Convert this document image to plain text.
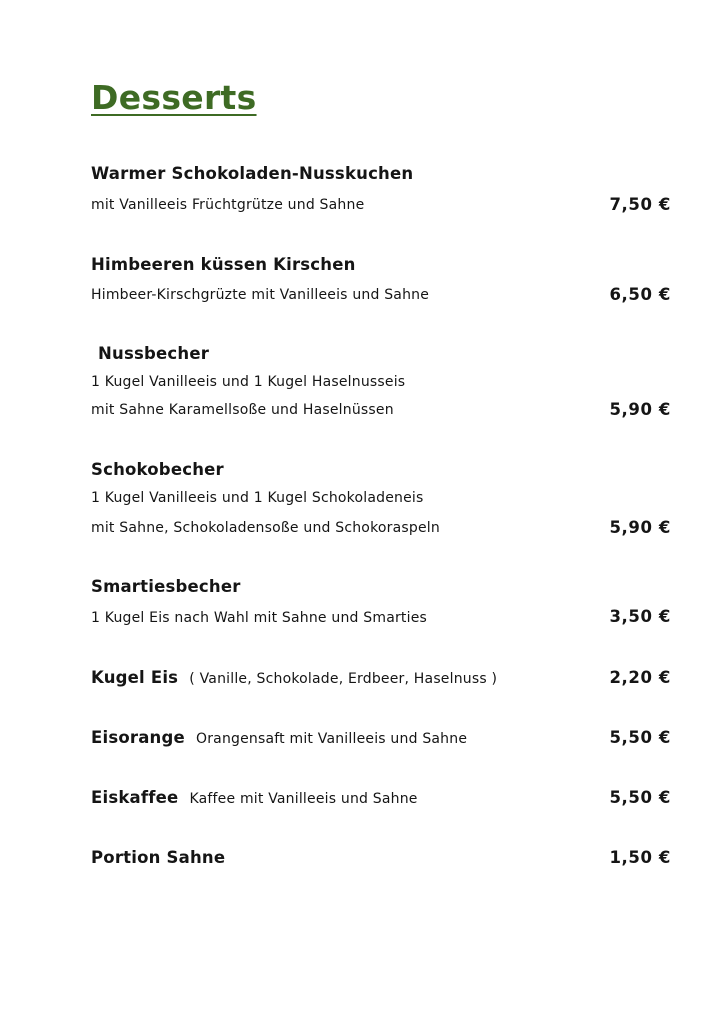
Desserts
Warmer Schokoladen-Nusskuchen
mit Vanilleeis Früchtgrütze und Sahne	7,50 €
Himbeeren küssen Kirschen
Himbeer-Kirschgrüzte mit Vanilleeis und Sahne	6,50 €
Nussbecher
1 Kugel Vanilleeis und 1 Kugel Haselnusseis
mit Sahne Karamellsoße und Haselnüssen	5,90 €
Schokobecher
1 Kugel Vanilleeis und 1 Kugel Schokoladeneis
mit Sahne, Schokoladensoße und Schokoraspeln	5,90 €
Smartiesbecher
1 Kugel Eis nach Wahl mit Sahne und Smarties	3,50 €
Kugel Eis ( Vanille, Schokolade, Erdbeer, Haselnuss )	2,20 €
Eisorange Orangensaft mit Vanilleeis und Sahne	5,50 €
Eiskaffee Kaffee mit Vanilleeis und Sahne	5,50 €
Portion Sahne	1,50 €
